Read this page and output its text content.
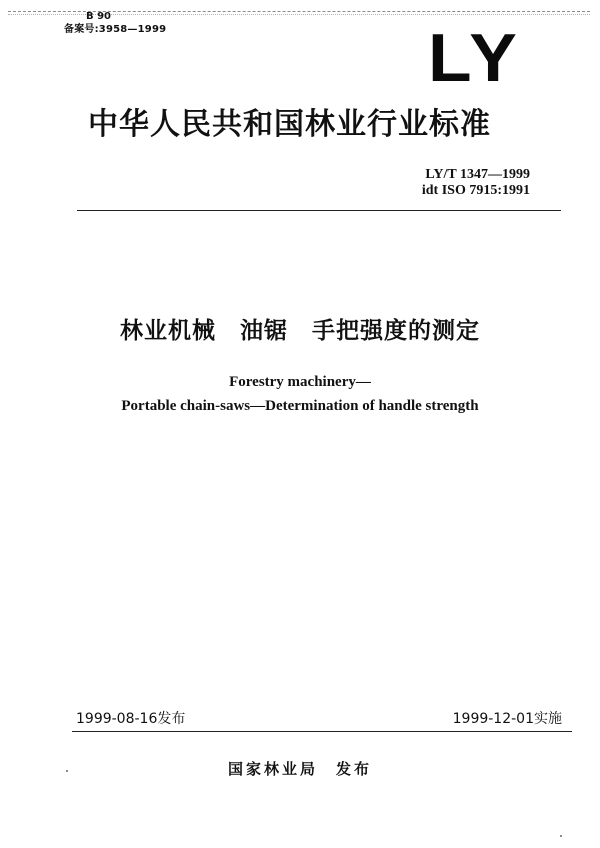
B 90
备案号:3958—1999	LY
中华人民共和国林业行业标准
LY/T 1347—1999
idt ISO 7915:1991
林业机械　油锯　手把强度的测定
Forestry machinery—
Portable chain-saws—Determination of handle strength
1999-08-16发布	1999-12-01实施
国家林业局　发布
